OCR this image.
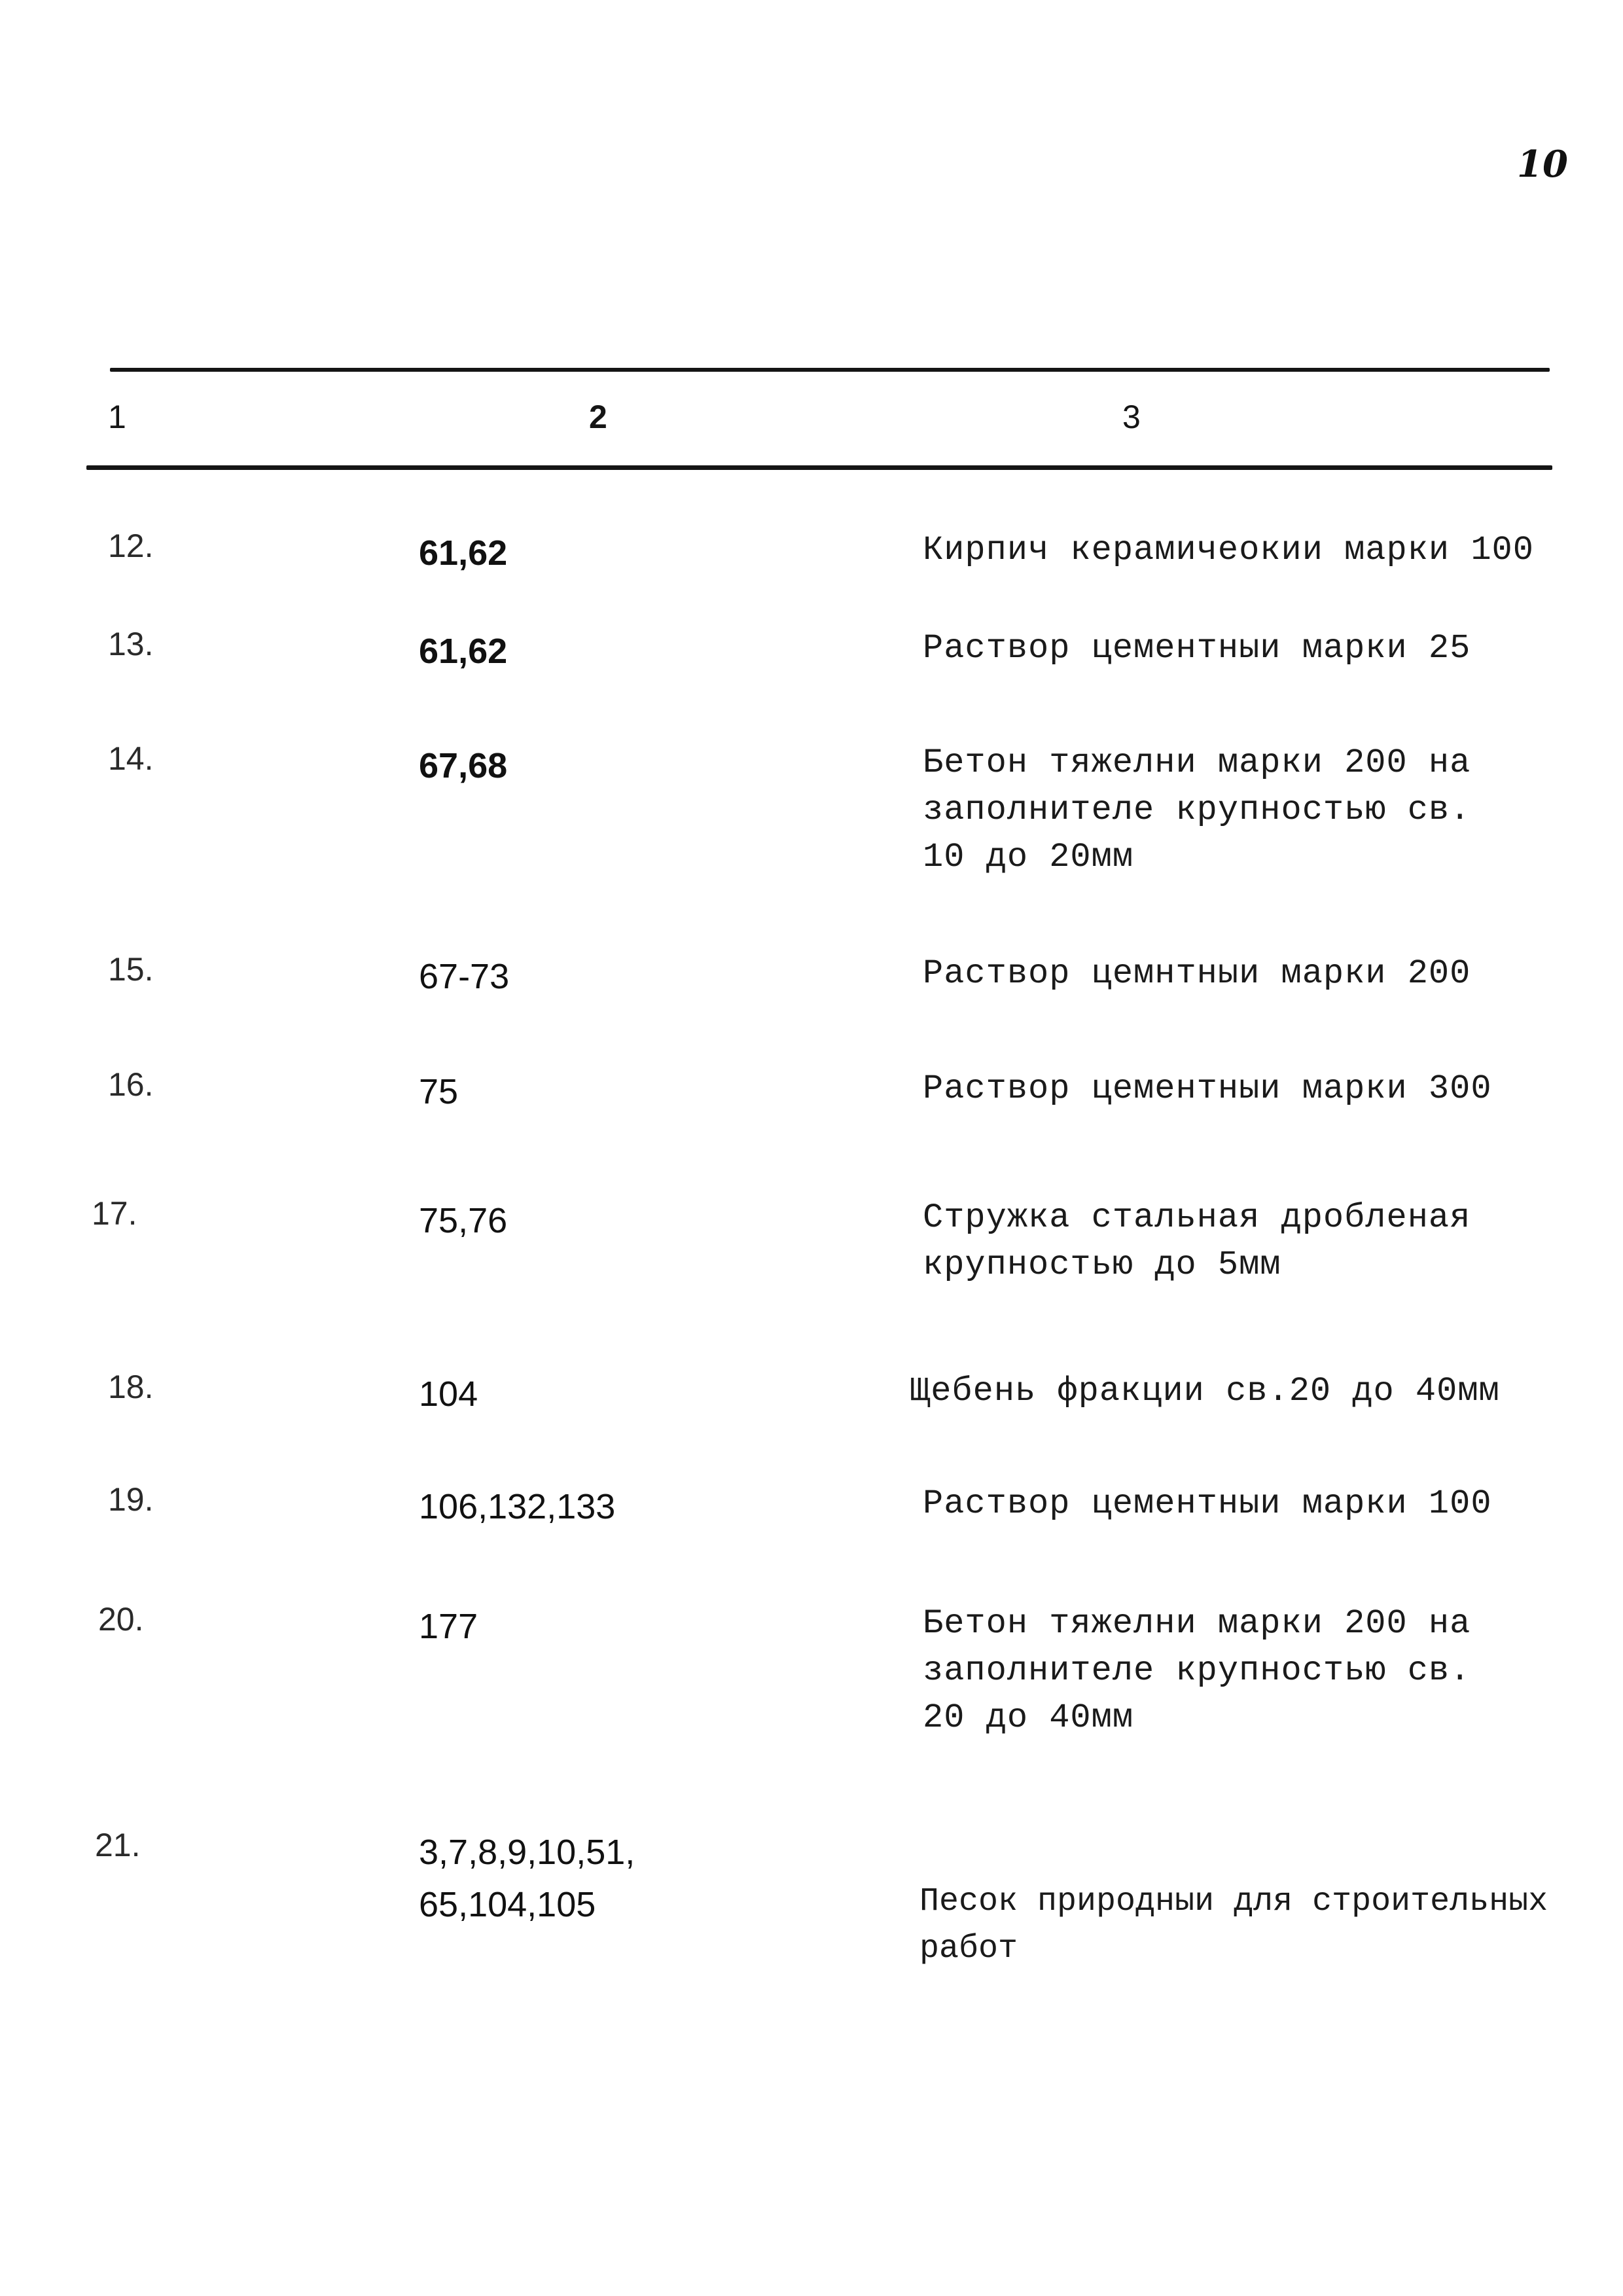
10
1	2	3
12.	61,62	Кирпич керамичеокии марки 100
13.	61,62	Раствор цементныи марки 25
14.	67,68	Бетон тяжелни марки 200 на
заполнителе крупностью св.
10 до 20мм
15.	67-73	Раствор цемнтныи марки 200
16.	75	Раствор цементныи марки 300
17.	75,76	Стружка стальная дробленая
крупностью до 5мм
18.	104	Щебень фракции св.20 до 40мм
19.	106,132,133	Раствор цементныи марки 100
20.	177	Бетон тяжелни марки 200 на
заполнителе крупностью св.
20 до 40мм
21.	3,7,8,9,10,51,
65,104,105	Песок природныи для строительных
работ
